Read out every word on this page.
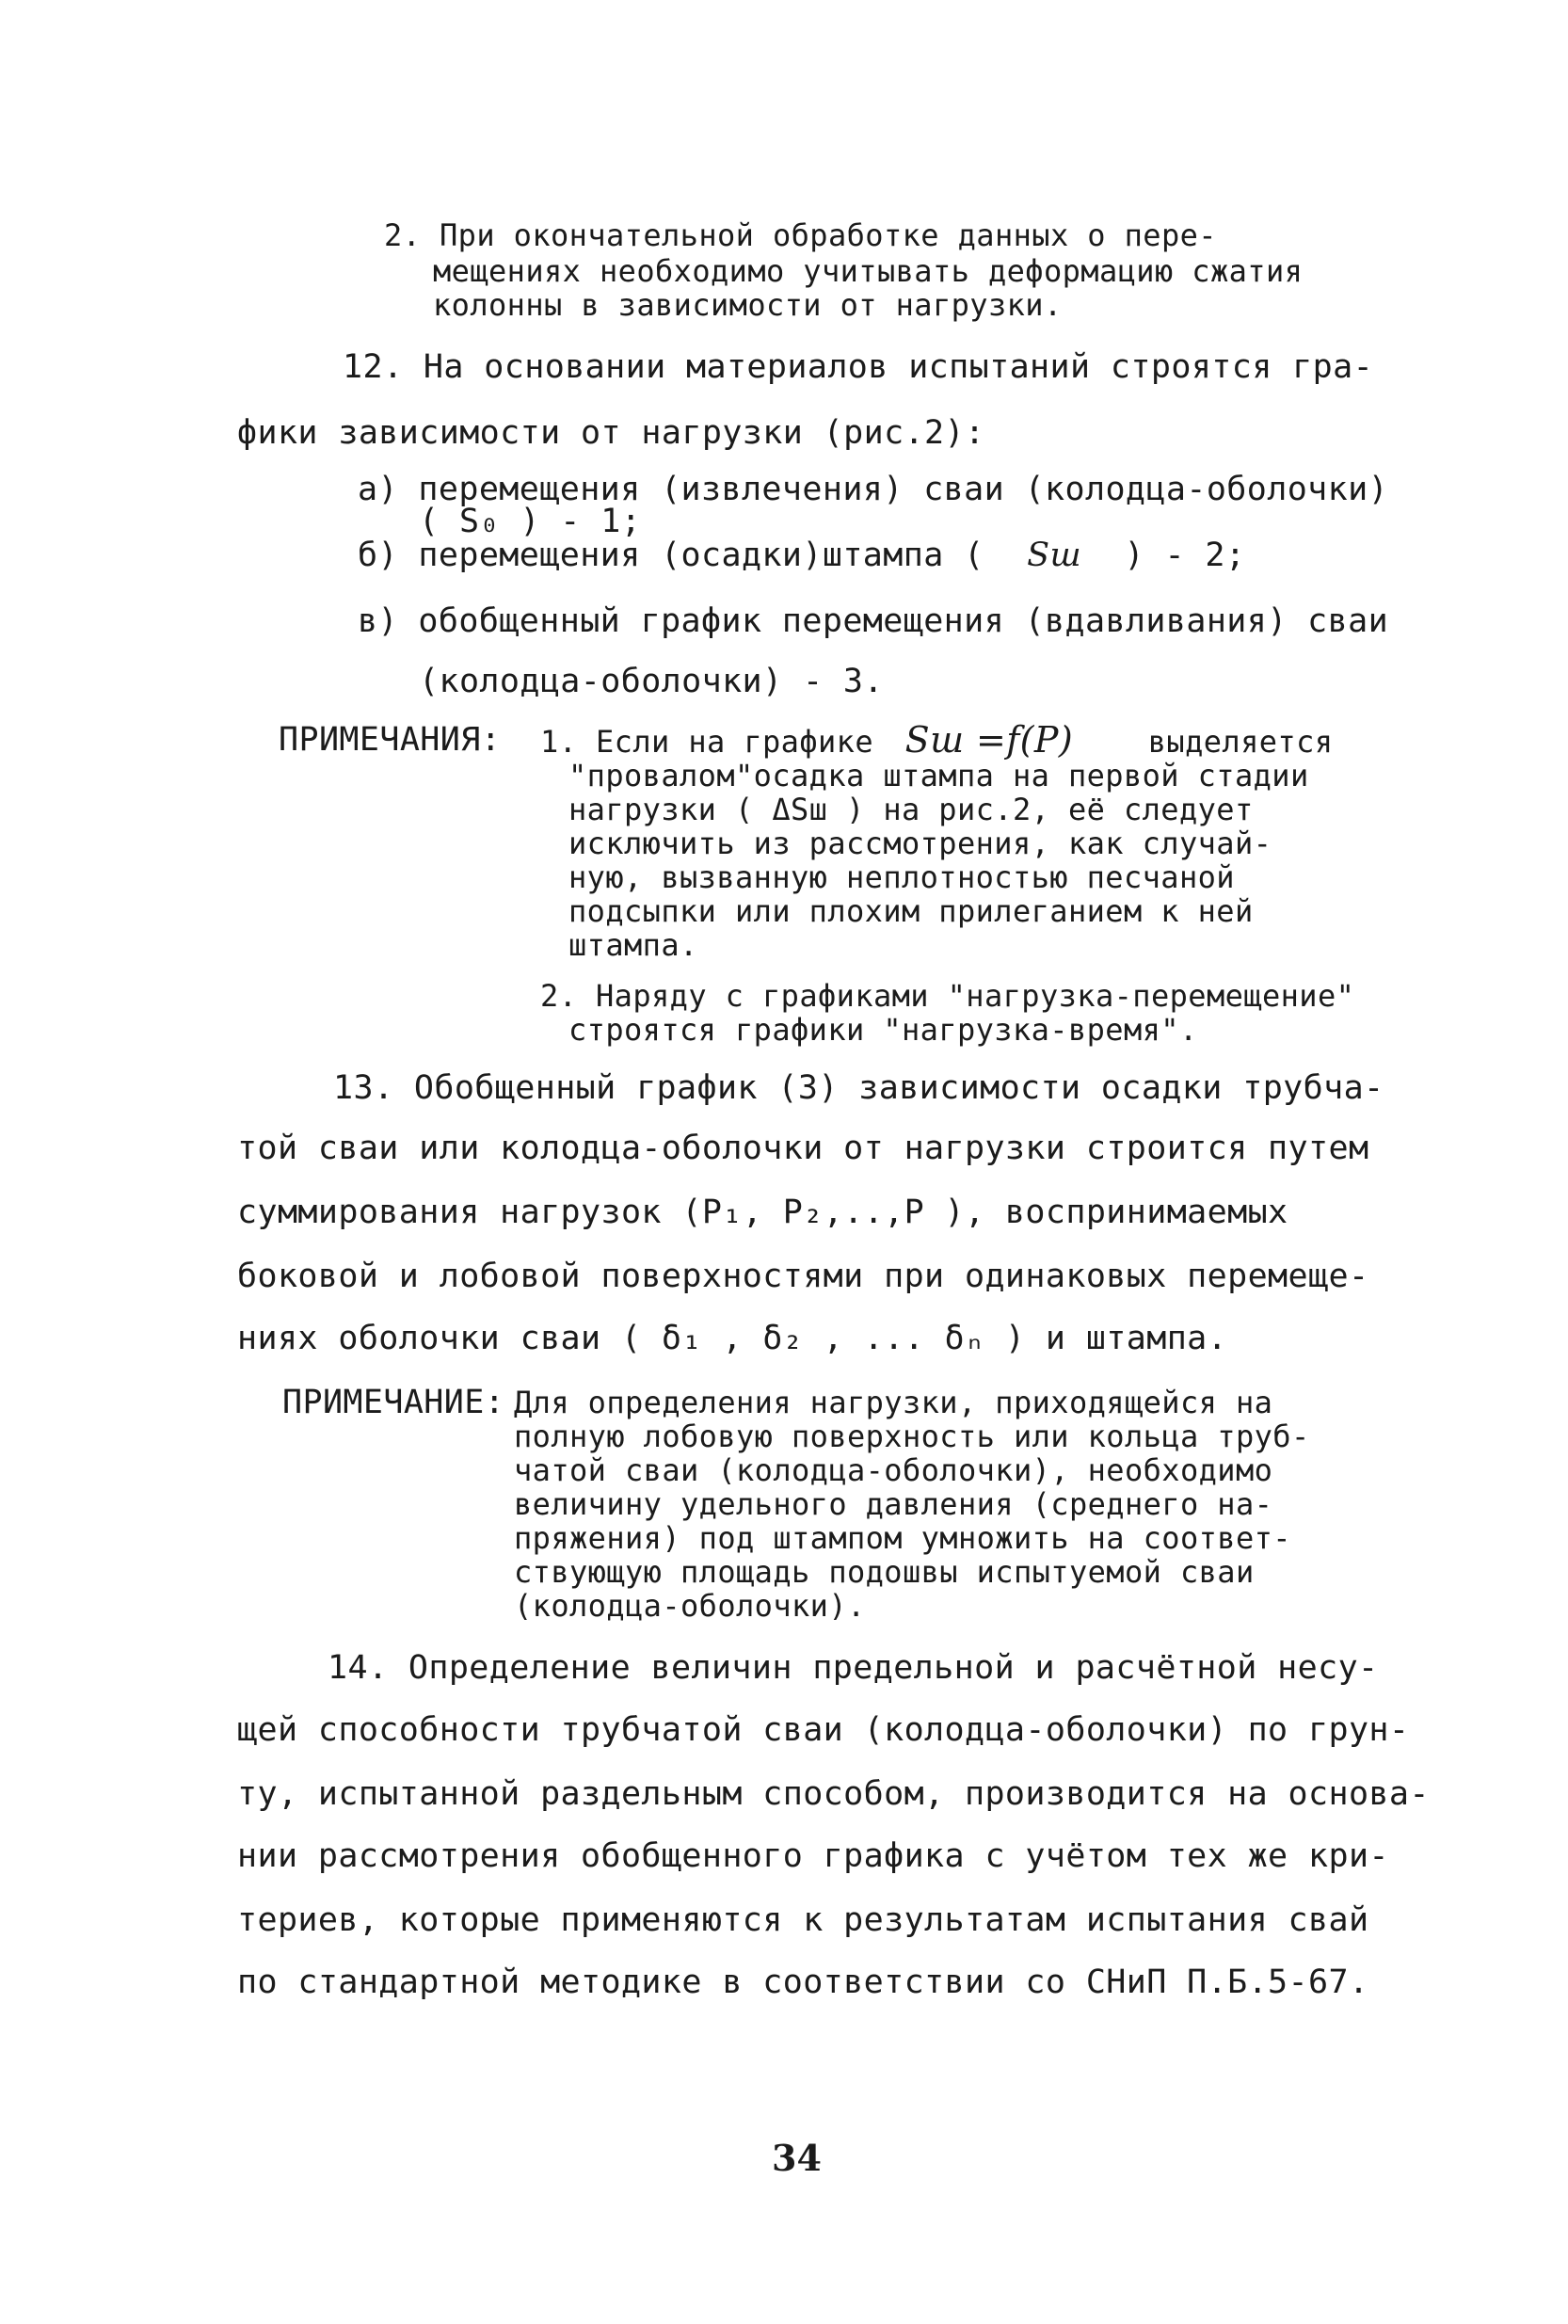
2. При окончательной обработке данных о пере-
мещениях необходимо учитывать деформацию сжатия
колонны в зависимости от нагрузки.
12. На основании материалов испытаний строятся гра-
фики зависимости от нагрузки (рис.2):
а) перемещения (извлечения) сваи (колодца-оболочки)
( S₀ ) - 1;
б) перемещения (осадки)штампа ( Sш ) - 2;
в) обобщенный график перемещения (вдавливания) сваи
(колодца-оболочки) - 3.
ПРИМЕЧАНИЯ: 1. Если на графике Sш =f(P) выделяется
"провалом"осадка штампа на первой стадии
нагрузки ( ΔSш ) на рис.2, её следует
исключить из рассмотрения, как случай-
ную, вызванную неплотностью песчаной
подсыпки или плохим прилеганием к ней
штампа.
2. Наряду с графиками "нагрузка-перемещение"
строятся графики "нагрузка-время".
13. Обобщенный график (3) зависимости осадки трубча-
той сваи или колодца-оболочки от нагрузки строится путем
суммирования нагрузок (P₁, P₂,..,P ), воспринимаемых
боковой и лобовой поверхностями при одинаковых перемеще-
ниях оболочки сваи ( δ₁ , δ₂ , ... δₙ ) и штампа.
ПРИМЕЧАНИЕ: Для определения нагрузки, приходящейся на
полную лобовую поверхность или кольца труб-
чатой сваи (колодца-оболочки), необходимо
величину удельного давления (среднего на-
пряжения) под штампом умножить на соответ-
ствующую площадь подошвы испытуемой сваи
(колодца-оболочки).
14. Определение величин предельной и расчётной несу-
щей способности трубчатой сваи (колодца-оболочки) по грун-
ту, испытанной раздельным способом, производится на основа-
нии рассмотрения обобщенного графика с учётом тех же кри-
териев, которые применяются к результатам испытания свай
по стандартной методике в соответствии со СНиП П.Б.5-67.
34
